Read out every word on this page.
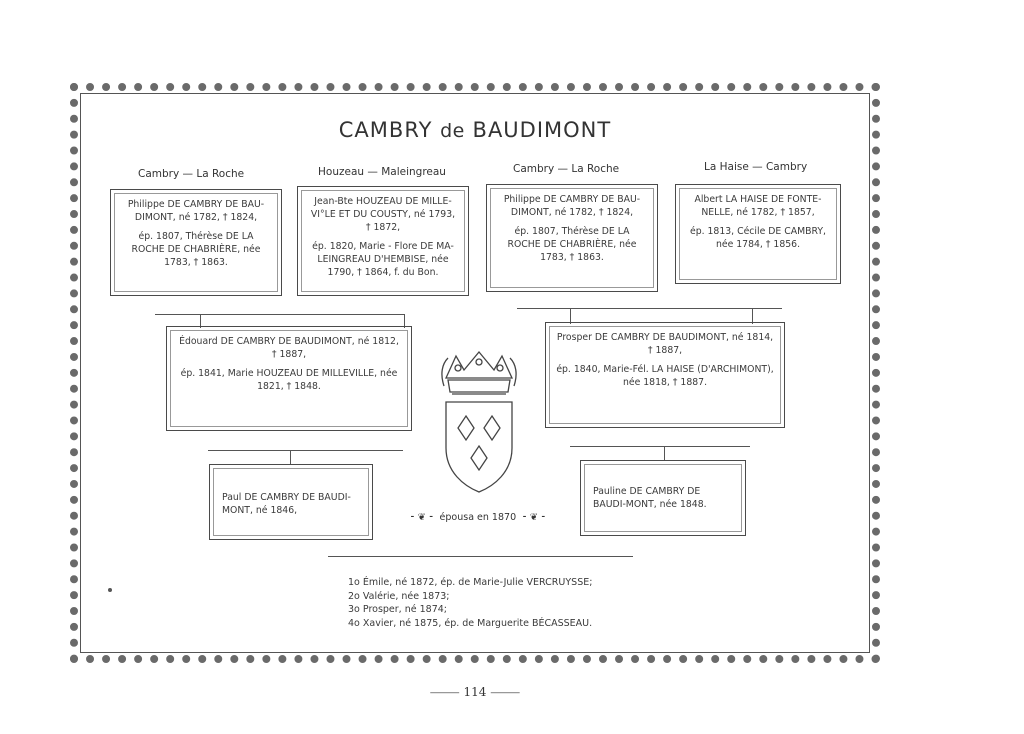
CAMBRY de BAUDIMONT
Cambry — La Roche	Houzeau — Maleingreau	Cambry — La Roche	La Haise — Cambry

Philippe DE CAMBRY DE BAU-DIMONT, né 1782, † 1824,

ép. 1807, Thérèse DE LA ROCHE DE CHABRIÈRE, née 1783, † 1863.

Jean-Bte HOUZEAU DE MILLE-VI°LE ET DU COUSTY, né 1793, † 1872,

ép. 1820, Marie - Flore DE MA-LEINGREAU D'HEMBISE, née 1790, † 1864, f. du Bon.

Philippe DE CAMBRY DE BAU-DIMONT, né 1782, † 1824,

ép. 1807, Thérèse DE LA ROCHE DE CHABRIÈRE, née 1783, † 1863.

Albert LA HAISE DE FONTE-NELLE, né 1782, † 1857,

ép. 1813, Cécile DE CAMBRY, née 1784, † 1856.

Édouard DE CAMBRY DE BAUDIMONT, né 1812, † 1887,

ép. 1841, Marie HOUZEAU DE MILLEVILLE, née 1821, † 1848.

Prosper DE CAMBRY DE BAUDIMONT, né 1814, † 1887,

ép. 1840, Marie-Fél. LA HAISE (D'ARCHIMONT), née 1818, † 1887.

Paul DE CAMBRY DE BAUDI-MONT, né 1846,

Pauline DE CAMBRY DE BAUDI-MONT, née 1848.

⁃ ❦ ⁃ épousa en 1870 ⁃ ❦ ⁃
1o Émile, né 1872, ép. de Marie-Julie VERCRUYSSE;
2o Valérie, née 1873;
3o Prosper, né 1874;
4o Xavier, né 1875, ép. de Marguerite BÉCASSEAU.
⸻ 114 ⸻
